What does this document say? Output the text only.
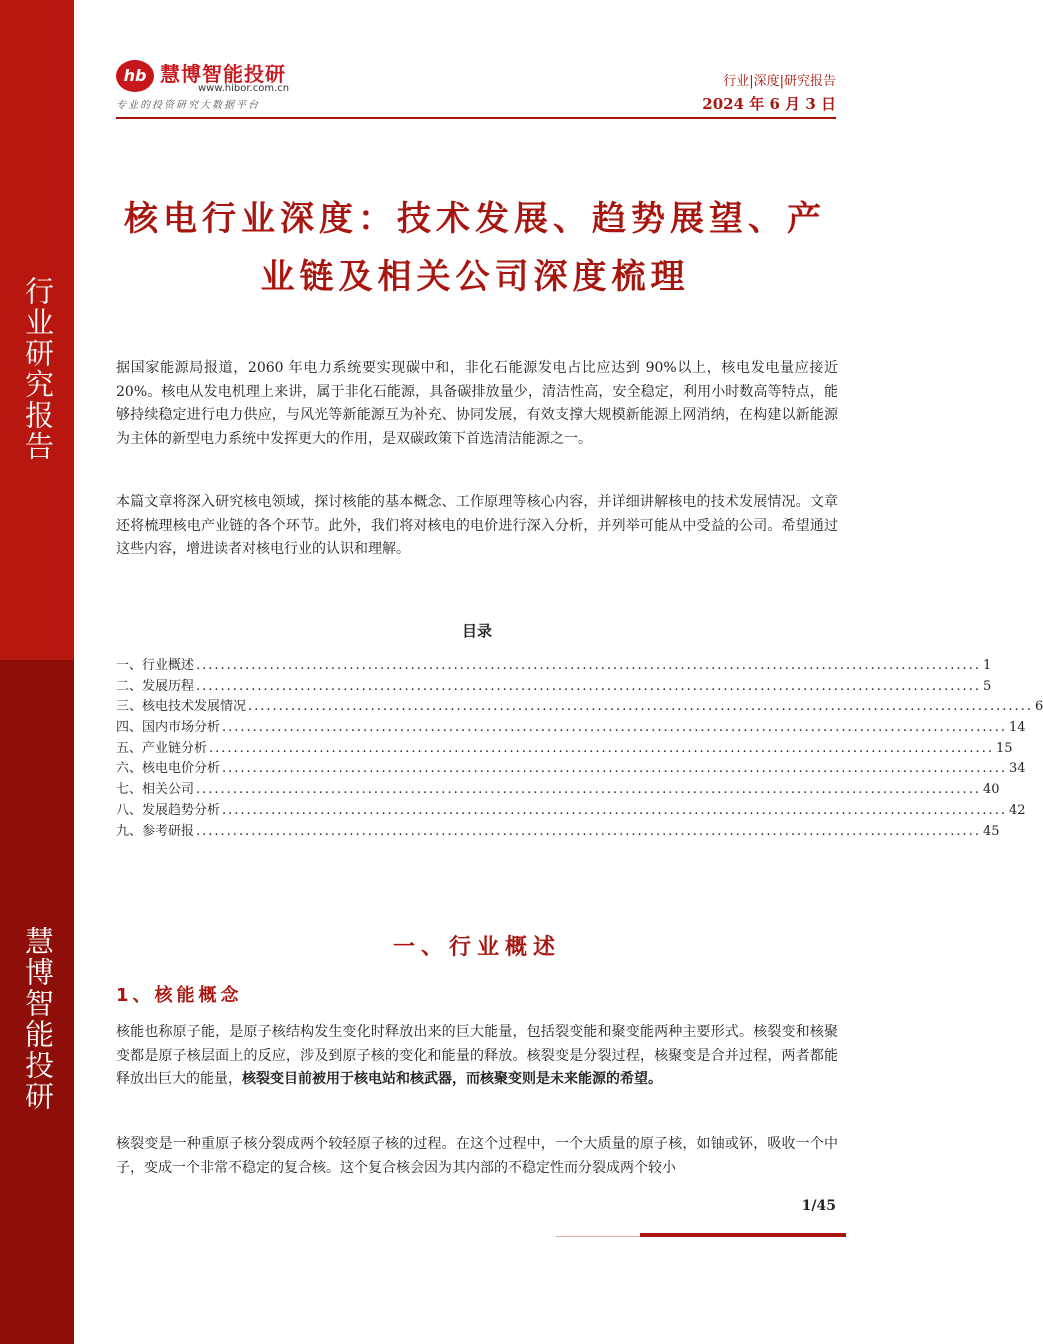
行业研究报告
慧博智能投研
hb 慧博智能投研
www.hibor.com.cn
专业的投资研究大数据平台
行业|深度|研究报告
2024 年 6 月 3 日
核电行业深度：技术发展、趋势展望、产业链及相关公司深度梳理

据国家能源局报道，2060 年电力系统要实现碳中和，非化石能源发电占比应达到 90%以上，核电发电量应接近 20%。核电从发电机理上来讲，属于非化石能源，具备碳排放量少，清洁性高，安全稳定，利用小时数高等特点，能够持续稳定进行电力供应，与风光等新能源互为补充、协同发展，有效支撑大规模新能源上网消纳，在构建以新能源为主体的新型电力系统中发挥更大的作用，是双碳政策下首选清洁能源之一。

本篇文章将深入研究核电领域，探讨核能的基本概念、工作原理等核心内容，并详细讲解核电的技术发展情况。文章还将梳理核电产业链的各个环节。此外，我们将对核电的电价进行深入分析，并列举可能从中受益的公司。希望通过这些内容，增进读者对核电行业的认识和理解。

目录
一、行业概述 ................................................................................................................................ 1
二、发展历程 ................................................................................................................................ 5
三、核电技术发展情况 ................................................................................................................................ 6
四、国内市场分析 ................................................................................................................................ 14
五、产业链分析 ................................................................................................................................ 15
六、核电电价分析 ................................................................................................................................ 34
七、相关公司 ................................................................................................................................ 40
八、发展趋势分析 ................................................................................................................................ 42
九、参考研报 ................................................................................................................................ 45
一、行业概述
1、核能概念

核能也称原子能，是原子核结构发生变化时释放出来的巨大能量，包括裂变能和聚变能两种主要形式。核裂变和核聚变都是原子核层面上的反应，涉及到原子核的变化和能量的释放。核裂变是分裂过程，核聚变是合并过程，两者都能释放出巨大的能量，核裂变目前被用于核电站和核武器，而核聚变则是未来能源的希望。

核裂变是一种重原子核分裂成两个较轻原子核的过程。在这个过程中，一个大质量的原子核，如铀或钚，吸收一个中子，变成一个非常不稳定的复合核。这个复合核会因为其内部的不稳定性而分裂成两个较小

1/45
